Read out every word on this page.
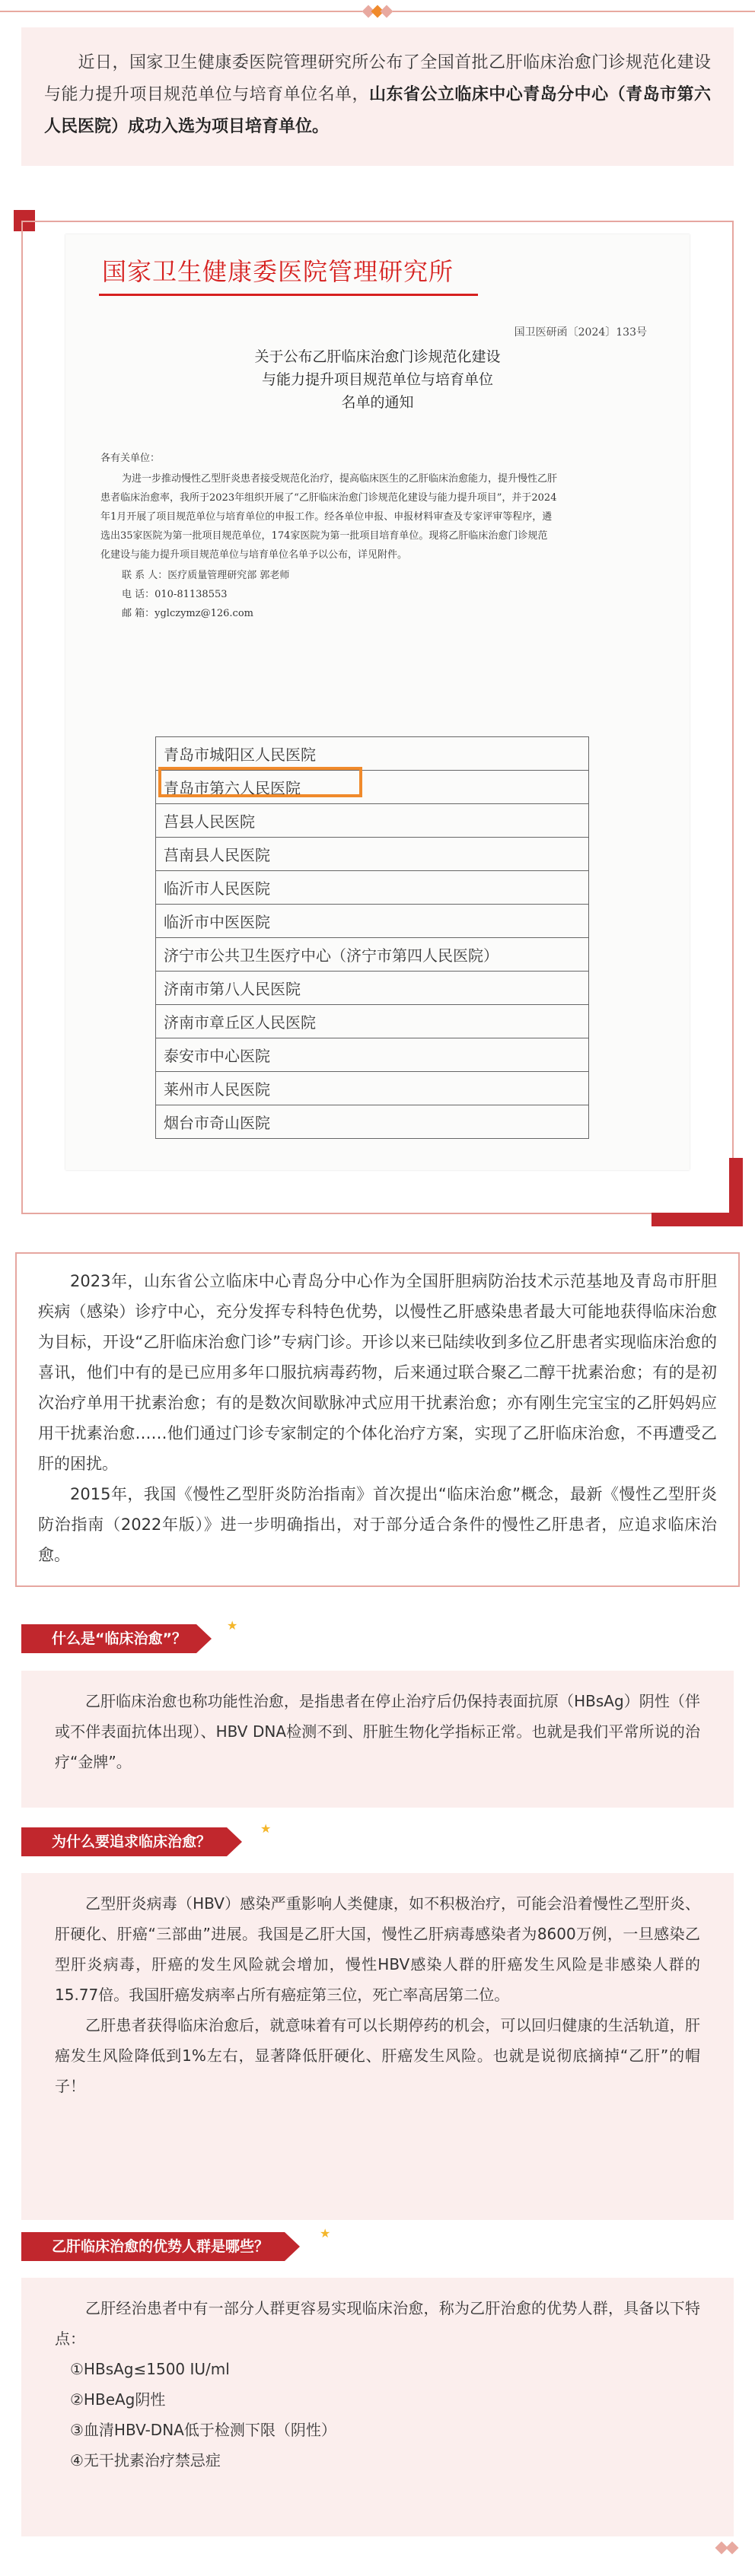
近日，国家卫生健康委医院管理研究所公布了全国首批乙肝临床治愈门诊规范化建设与能力提升项目规范单位与培育单位名单，山东省公立临床中心青岛分中心（青岛市第六人民医院）成功入选为项目培育单位。
国家卫生健康委医院管理研究所
国卫医研函〔2024〕133号
关于公布乙肝临床治愈门诊规范化建设
与能力提升项目规范单位与培育单位
名单的通知
各有关单位：

为进一步推动慢性乙型肝炎患者接受规范化治疗，提高临床医生的乙肝临床治愈能力，提升慢性乙肝患者临床治愈率，我所于2023年组织开展了“乙肝临床治愈门诊规范化建设与能力提升项目”，并于2024年1月开展了项目规范单位与培育单位的申报工作。经各单位申报、申报材料审查及专家评审等程序，遴选出35家医院为第一批项目规范单位，174家医院为第一批项目培育单位。现将乙肝临床治愈门诊规范化建设与能力提升项目规范单位与培育单位名单予以公布，详见附件。

联 系 人：医疗质量管理研究部 郭老师
电 话：010-81138553
邮 箱：yglczymz@126.com
青岛市城阳区人民医院
青岛市第六人民医院
莒县人民医院
莒南县人民医院
临沂市人民医院
临沂市中医医院
济宁市公共卫生医疗中心（济宁市第四人民医院）
济南市第八人民医院
济南市章丘区人民医院
泰安市中心医院
莱州市人民医院
烟台市奇山医院

2023年，山东省公立临床中心青岛分中心作为全国肝胆病防治技术示范基地及青岛市肝胆疾病（感染）诊疗中心，充分发挥专科特色优势，以慢性乙肝感染患者最大可能地获得临床治愈为目标，开设“乙肝临床治愈门诊”专病门诊。开诊以来已陆续收到多位乙肝患者实现临床治愈的喜讯，他们中有的是已应用多年口服抗病毒药物，后来通过联合聚乙二醇干扰素治愈；有的是初次治疗单用干扰素治愈；有的是数次间歇脉冲式应用干扰素治愈；亦有刚生完宝宝的乙肝妈妈应用干扰素治愈……他们通过门诊专家制定的个体化治疗方案，实现了乙肝临床治愈，不再遭受乙肝的困扰。

2015年，我国《慢性乙型肝炎防治指南》首次提出“临床治愈”概念，最新《慢性乙型肝炎防治指南（2022年版）》进一步明确指出，对于部分适合条件的慢性乙肝患者，应追求临床治愈。

什么是“临床治愈”？
★

乙肝临床治愈也称功能性治愈，是指患者在停止治疗后仍保持表面抗原（HBsAg）阴性（伴或不伴表面抗体出现）、HBV DNA检测不到、肝脏生物化学指标正常。也就是我们平常所说的治疗“金牌”。

为什么要追求临床治愈？
★

乙型肝炎病毒（HBV）感染严重影响人类健康，如不积极治疗，可能会沿着慢性乙型肝炎、肝硬化、肝癌“三部曲”进展。我国是乙肝大国，慢性乙肝病毒感染者为8600万例，一旦感染乙型肝炎病毒，肝癌的发生风险就会增加，慢性HBV感染人群的肝癌发生风险是非感染人群的15.77倍。我国肝癌发病率占所有癌症第三位，死亡率高居第二位。

乙肝患者获得临床治愈后，就意味着有可以长期停药的机会，可以回归健康的生活轨道，肝癌发生风险降低到1%左右，显著降低肝硬化、肝癌发生风险。也就是说彻底摘掉“乙肝”的帽子！

乙肝临床治愈的优势人群是哪些？
★

乙肝经治患者中有一部分人群更容易实现临床治愈，称为乙肝治愈的优势人群，具备以下特点：

①HBsAg≤1500 IU/ml

②HBeAg阴性

③血清HBV-DNA低于检测下限（阴性）

④无干扰素治疗禁忌症
